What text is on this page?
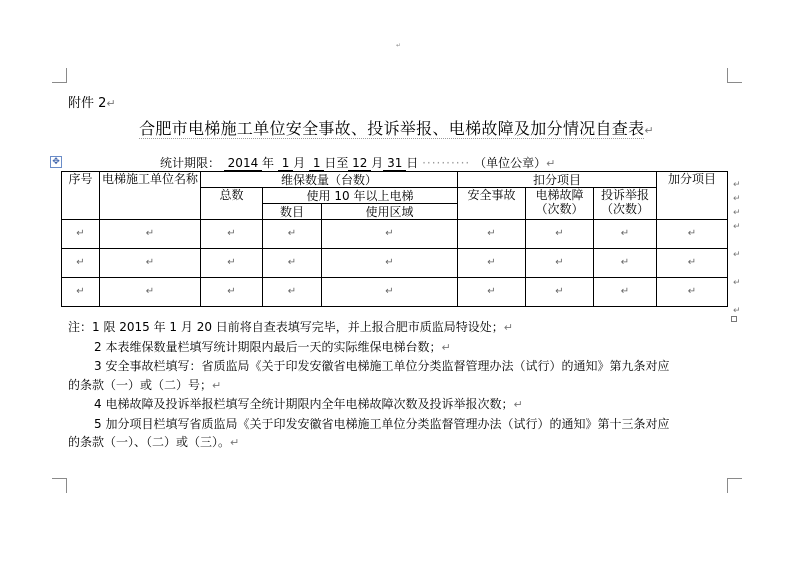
↵
附件 2↵
合肥市电梯施工单位安全事故、投诉举报、电梯故障及加分情况自查表↵
✥	统计期限： 2014 年 1 月 1 日至 12 月 31 日 ·········· （单位公章）↵
序号	电梯施工单位名称	维保数量（台数）			扣分项目			加分项目
		总数	使用 10 年以上电梯		安全事故	电梯故障（次数）	投诉举报（次数）	
			数目	使用区域				
↵	↵	↵	↵	↵	↵	↵	↵	↵
↵	↵	↵	↵	↵	↵	↵	↵	↵
↵	↵	↵	↵	↵	↵	↵	↵	↵
↵
↵
↵
↵

↵

↵

↵
注：1 限 2015 年 1 月 20 日前将自查表填写完毕，并上报合肥市质监局特设处；↵
2 本表维保数量栏填写统计期限内最后一天的实际维保电梯台数；↵
3 安全事故栏填写：省质监局《关于印发安徽省电梯施工单位分类监督管理办法（试行）的通知》第九条对应
的条款（一）或（二）号；↵
4 电梯故障及投诉举报栏填写全统计期限内全年电梯故障次数及投诉举报次数；↵
5 加分项目栏填写省质监局《关于印发安徽省电梯施工单位分类监督管理办法（试行）的通知》第十三条对应
的条款（一）、（二）或（三）。↵
